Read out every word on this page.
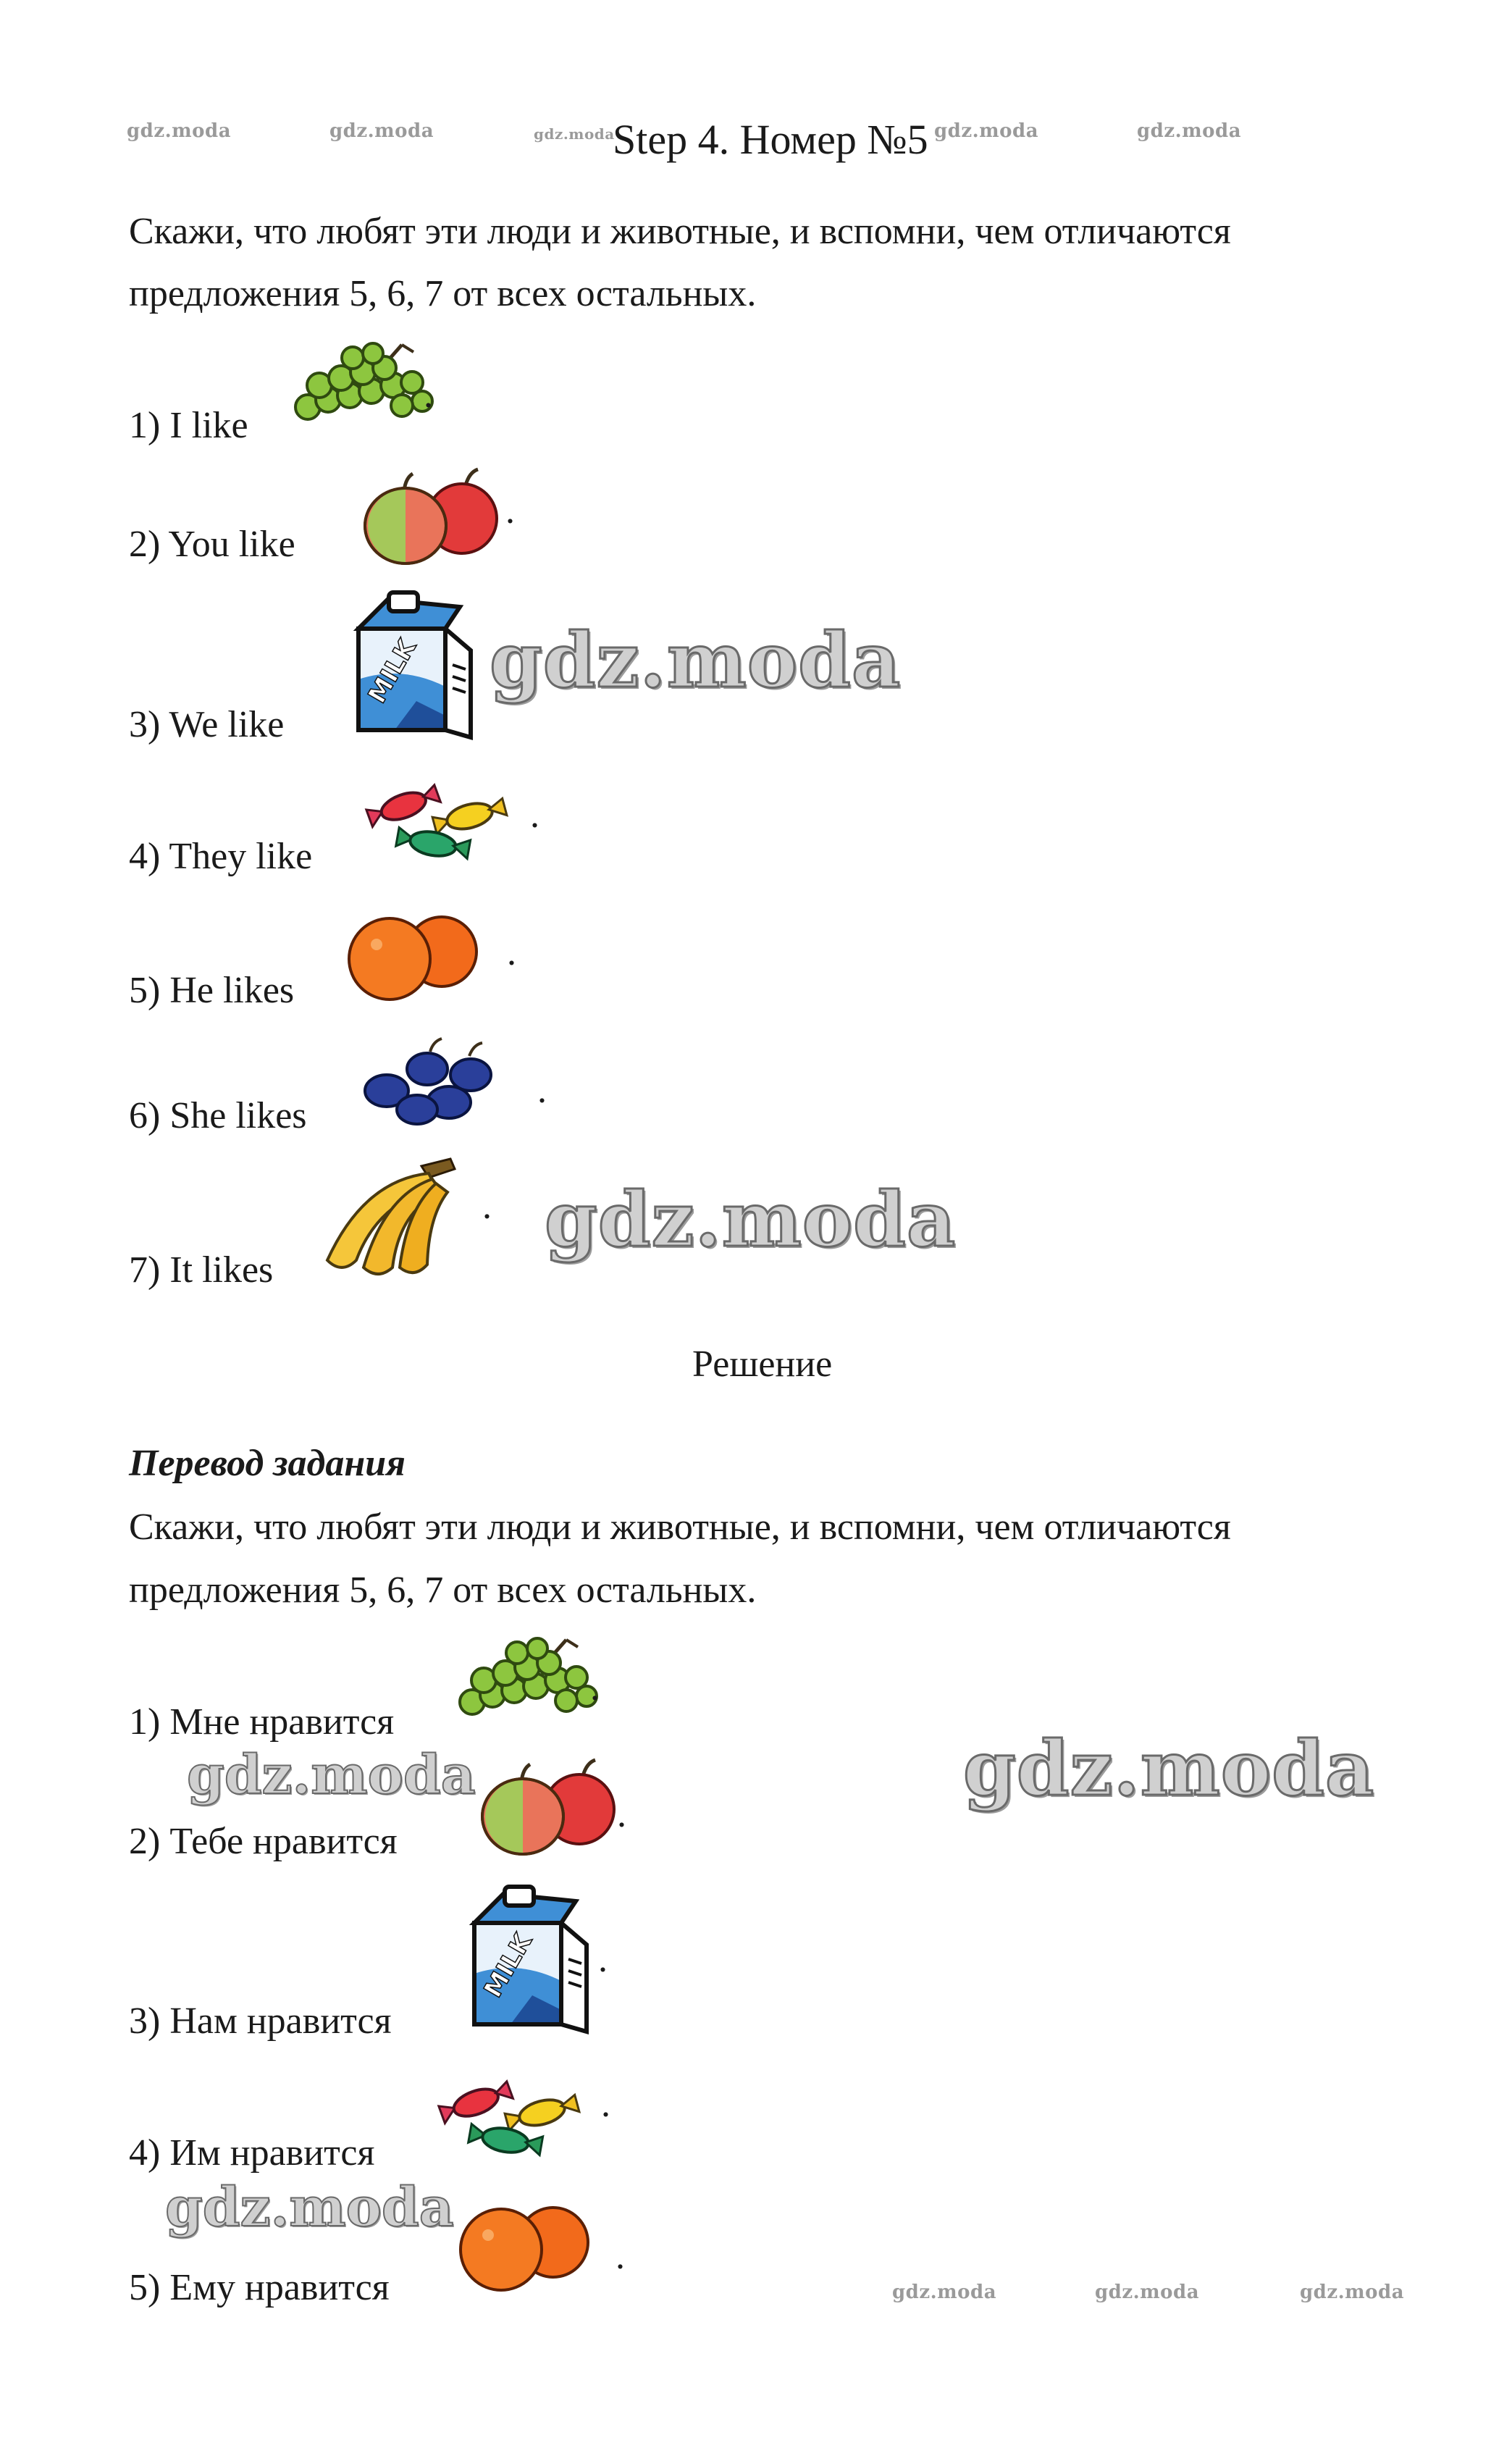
gdz.moda	gdz.moda	gdz.moda
Step 4. Номер №5 gdz.moda	gdz.moda
Скажи, что любят эти люди и животные, и вспомни, чем отличаются
предложения 5, 6, 7 от всех остальных.
1) I like
.
2) You like
.
3) We like
MILK gdz.moda
4) They like
.
5) He likes
.
6) She likes
.
7) It likes
. gdz.moda
Решение
Перевод задания
Скажи, что любят эти люди и животные, и вспомни, чем отличаются
предложения 5, 6, 7 от всех остальных.
1) Мне нравится
.
gdz.moda
gdz.moda
2) Тебе нравится
.
3) Нам нравится
MILK .
4) Им нравится
.
gdz.moda
5) Ему нравится
.
gdz.moda	gdz.moda	gdz.moda
